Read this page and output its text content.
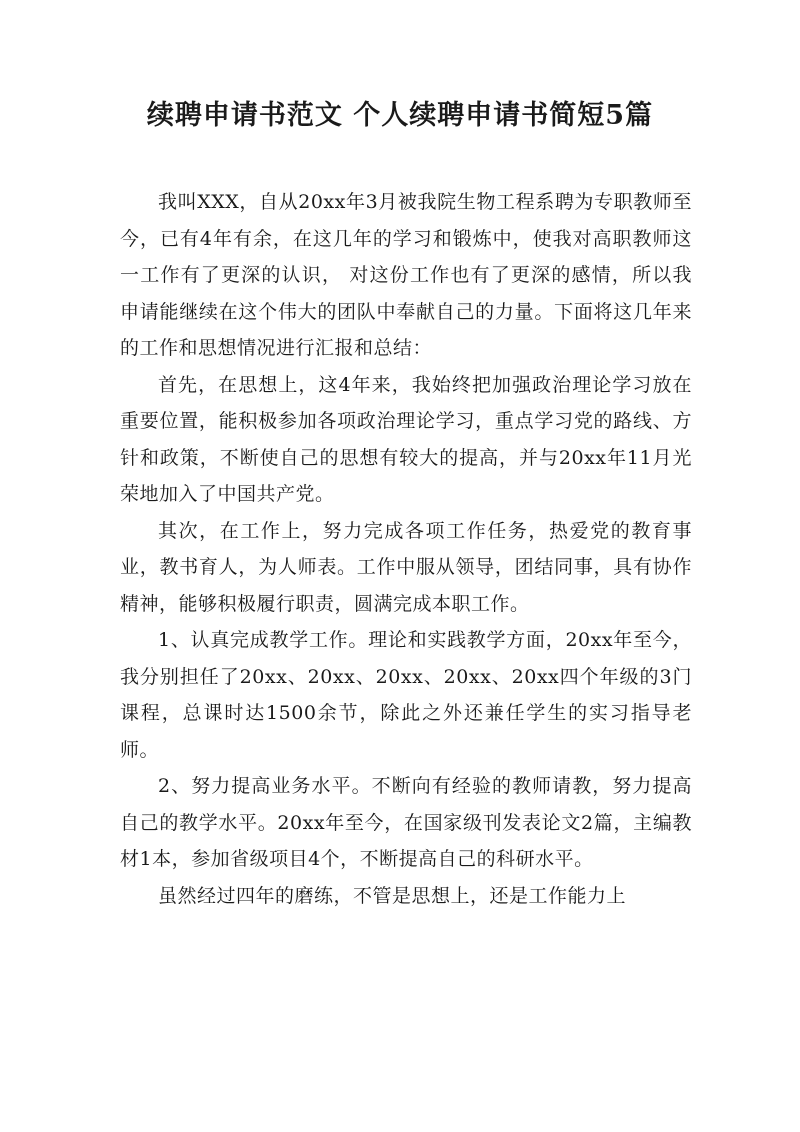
续聘申请书范文 个人续聘申请书简短5篇

我叫XXX，自从20xx年3月被我院生物工程系聘为专职教师至今，已有4年有余，在这几年的学习和锻炼中，使我对高职教师这一工作有了更深的认识， 对这份工作也有了更深的感情，所以我申请能继续在这个伟大的团队中奉献自己的力量。下面将这几年来的工作和思想情况进行汇报和总结：

首先，在思想上，这4年来，我始终把加强政治理论学习放在重要位置，能积极参加各项政治理论学习，重点学习党的路线、方针和政策，不断使自己的思想有较大的提高，并与20xx年11月光荣地加入了中国共产党。

其次，在工作上，努力完成各项工作任务，热爱党的教育事业，教书育人，为人师表。工作中服从领导，团结同事，具有协作精神，能够积极履行职责，圆满完成本职工作。

1、认真完成教学工作。理论和实践教学方面，20xx年至今，我分别担任了20xx、20xx、20xx、20xx、20xx四个年级的3门课程，总课时达1500余节，除此之外还兼任学生的实习指导老师。

2、努力提高业务水平。不断向有经验的教师请教，努力提高自己的教学水平。20xx年至今，在国家级刊发表论文2篇，主编教材1本，参加省级项目4个，不断提高自己的科研水平。

虽然经过四年的磨练，不管是思想上，还是工作能力上
